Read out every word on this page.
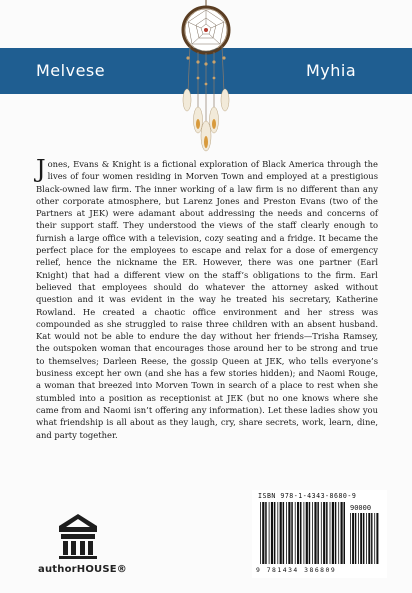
Melvese	Myhia

Jones, Evans & Knight is a fictional exploration of Black America through the lives of four women residing in Morven Town and employed at a prestigious Black-owned law firm. The inner working of a law firm is no different than any other corporate atmosphere, but Larenz Jones and Preston Evans (two of the Partners at JEK) were adamant about addressing the needs and concerns of their support staff. They understood the views of the staff clearly enough to furnish a large office with a television, cozy seating and a fridge. It became the perfect place for the employees to escape and relax for a dose of emergency relief, hence the nickname the ER. However, there was one partner (Earl Knight) that had a different view on the staff’s obligations to the firm. Earl believed that employees should do whatever the attorney asked without question and it was evident in the way he treated his secretary, Katherine Rowland. He created a chaotic office environment and her stress was compounded as she struggled to raise three children with an absent husband. Kat would not be able to endure the day without her friends—Trisha Ramsey, the outspoken woman that encourages those around her to be strong and true to themselves; Darleen Reese, the gossip Queen at JEK, who tells everyone’s business except her own (and she has a few stories hidden); and Naomi Rouge, a woman that breezed into Morven Town in search of a place to rest when she stumbled into a position as receptionist at JEK (but no one knows where she came from and Naomi isn’t offering any information). Let these ladies show you what friendship is all about as they laugh, cry, share secrets, work, learn, dine, and party together.

authorHOUSE®
ISBN 978-1-4343-8680-9
90000
9 781434 386809
